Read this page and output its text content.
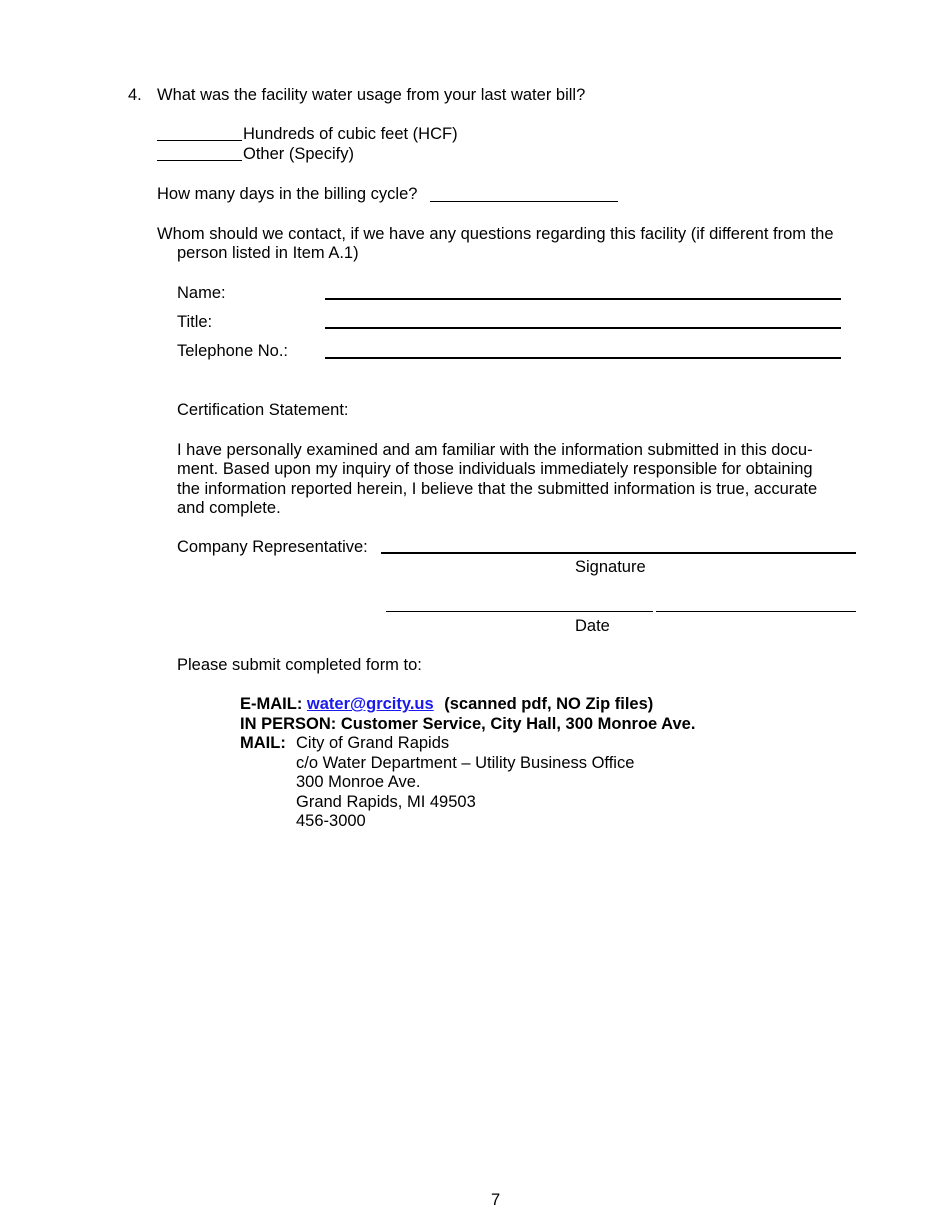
4. What was the facility water usage from your last water bill?
Hundreds of cubic feet (HCF)
Other (Specify)
How many days in the billing cycle?
Whom should we contact, if we have any questions regarding this facility (if different from the
person listed in Item A.1)
Name:
Title:
Telephone No.:
Certification Statement:
I have personally examined and am familiar with the information submitted in this docu-
ment. Based upon my inquiry of those individuals immediately responsible for obtaining
the information reported herein, I believe that the submitted information is true, accurate
and complete.
Company Representative:
Signature
Date
Please submit completed form to:
E-MAIL: water@grcity.us (scanned pdf, NO Zip files)
IN PERSON: Customer Service, City Hall, 300 Monroe Ave.
MAIL: City of Grand Rapids
c/o Water Department – Utility Business Office
300 Monroe Ave.
Grand Rapids, MI 49503
456-3000
7
